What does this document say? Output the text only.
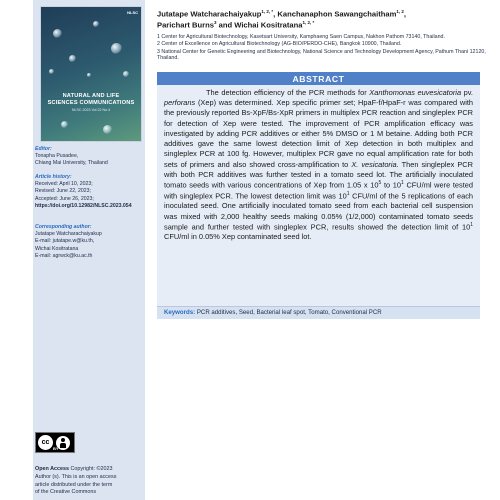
NLSC
NATURAL AND LIFE SCIENCES COMMUNICATIONS
NLSC 2023 Vol.22 No.4
Editor:
Tonapha Pusadee,
Chiang Mai University, Thailand
Article history:
Received: April 10, 2023;
Revised: June 22, 2023;
Accepted: June 26, 2023;
https://doi.org/10.12982/NLSC.2023.054
Corresponding author:
Jutatape Watcharachaiyakup
E-mail: jutatape.w@ku.th,
Wichai Kositratana
E-mail: agrwck@ku.ac.th
cc
BY
Open Access Copyright: ©2023
Author (s). This is an open access
article distributed under the term
of the Creative Commons
Jutatape Watcharachaiyakup$^{1, 2, *}$, Kanchanaphon Sawangchaitham$^{1, 2}$,
Parichart Burns$^3$ and Wichai Kositratana$^{1, 2, *}$

1 Center for Agricultural Biotechnology, Kasetsart University, Kamphaeng Saen Campus, Nakhon Pathom 73140, Thailand.

2 Center of Excellence on Agricultural Biotechnology (AG-BIO/PERDO-CHE), Bangkok 10900, Thailand.

3 National Center for Genetic Engineering and Biotechnology, National Science and Technology Development Agency, Pathum Thani 12120, Thailand.

ABSTRACT
The detection efficiency of the PCR methods for Xanthomonas euvesicatoria pv. perforans (Xep) was determined. Xep specific primer set; HpaF-f/HpaF-r was compared with the previously reported Bs-XpF/Bs-XpR primers in multiplex PCR reaction and singleplex PCR for detection of Xep were tested. The improvement of PCR amplification efficacy was investigated by adding PCR additives or either 5% DMSO or 1 M betaine. Adding both PCR additives gave the same lowest detection limit of Xep detection in both multiplex and singleplex PCR at 100 fg. However, multiplex PCR gave no equal amplification rate for both sets of primers and also showed cross-amplification to X. vesicatoria. Then singleplex PCR with both PCR additives was further tested in a tomato seed lot. The artificially inoculated tomato seeds with various concentrations of Xep from 1.05 x $10^5$ to $10^1$ CFU/ml were tested with singleplex PCR. The lowest detection limit was $10^1$ CFU/ml of the 5 replications of each inoculated seed. One artificially inoculated tomato seed from each bacterial cell suspension was mixed with 2,000 healthy seeds making 0.05% (1/2,000) contaminated tomato seeds sample and further tested with singleplex PCR, results showed the detection limit of $10^1$ CFU/ml in 0.05% Xep contaminated seed lot.
Keywords: PCR additives, Seed, Bacterial leaf spot, Tomato, Conventional PCR
